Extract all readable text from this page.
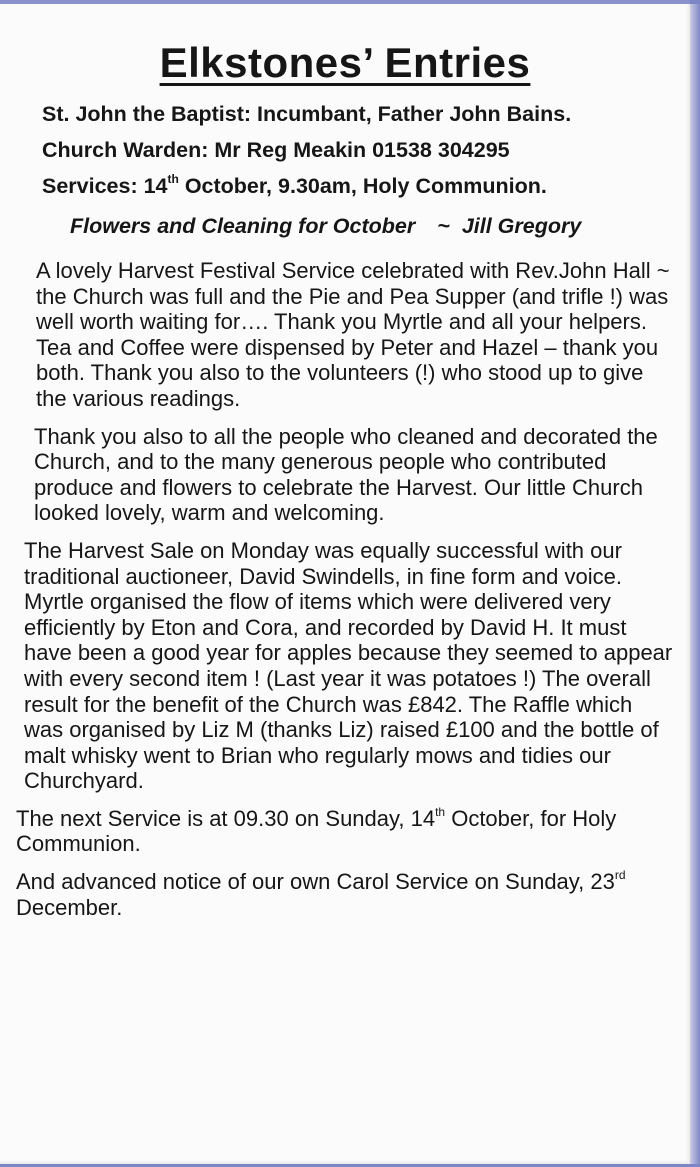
Elkstones’ Entries

St. John the Baptist: Incumbant, Father John Bains.

Church Warden: Mr Reg Meakin 01538 304295

Services: 14th October, 9.30am, Holy Communion.

Flowers and Cleaning for October ~ Jill Gregory

A lovely Harvest Festival Service celebrated with Rev.John Hall ~ the Church was full and the Pie and Pea Supper (and trifle !) was well worth waiting for…. Thank you Myrtle and all your helpers. Tea and Coffee were dispensed by Peter and Hazel – thank you both. Thank you also to the volunteers (!) who stood up to give the various readings.

Thank you also to all the people who cleaned and decorated the Church, and to the many generous people who contributed produce and flowers to celebrate the Harvest. Our little Church looked lovely, warm and welcoming.

The Harvest Sale on Monday was equally successful with our traditional auctioneer, David Swindells, in fine form and voice. Myrtle organised the flow of items which were delivered very efficiently by Eton and Cora, and recorded by David H. It must have been a good year for apples because they seemed to appear with every second item ! (Last year it was potatoes !) The overall result for the benefit of the Church was £842. The Raffle which was organised by Liz M (thanks Liz) raised £100 and the bottle of malt whisky went to Brian who regularly mows and tidies our Churchyard.

The next Service is at 09.30 on Sunday, 14th October, for Holy Communion.

And advanced notice of our own Carol Service on Sunday, 23rd December.
